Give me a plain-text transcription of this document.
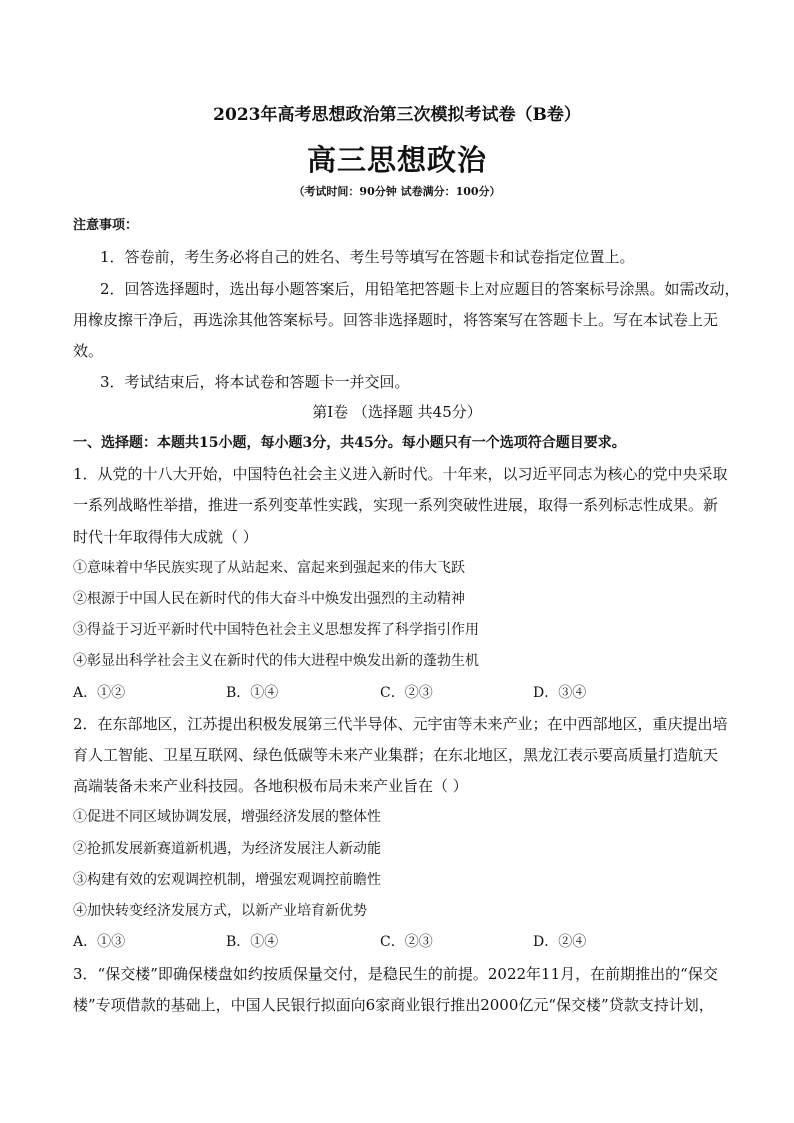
2023年高考思想政治第三次模拟考试卷（B卷）
高三思想政治
（考试时间：90分钟 试卷满分：100分）
注意事项：
1．答卷前，考生务必将自己的姓名、考生号等填写在答题卡和试卷指定位置上。
2．回答选择题时，选出每小题答案后，用铅笔把答题卡上对应题目的答案标号涂黑。如需改动，
用橡皮擦干净后，再选涂其他答案标号。回答非选择题时，将答案写在答题卡上。写在本试卷上无
效。
3．考试结束后，将本试卷和答题卡一并交回。
第Ⅰ卷 （选择题 共45分）
一、选择题：本题共15小题，每小题3分，共45分。每小题只有一个选项符合题目要求。
1．从党的十八大开始，中国特色社会主义进入新时代。十年来，以习近平同志为核心的党中央采取
一系列战略性举措，推进一系列变革性实践，实现一系列突破性进展，取得一系列标志性成果。新
时代十年取得伟大成就（ ）
①意味着中华民族实现了从站起来、富起来到强起来的伟大飞跃
②根源于中国人民在新时代的伟大奋斗中焕发出强烈的主动精神
③得益于习近平新时代中国特色社会主义思想发挥了科学指引作用
④彰显出科学社会主义在新时代的伟大进程中焕发出新的蓬勃生机
A．①②	B．①④	C．②③	D．③④
2．在东部地区，江苏提出积极发展第三代半导体、元宇宙等未来产业；在中西部地区，重庆提出培
育人工智能、卫星互联网、绿色低碳等未来产业集群；在东北地区，黑龙江表示要高质量打造航天
高端装备未来产业科技园。各地积极布局未来产业旨在（ ）
①促进不同区域协调发展，增强经济发展的整体性
②抢抓发展新赛道新机遇，为经济发展注人新动能
③构建有效的宏观调控机制，增强宏观调控前瞻性
④加快转变经济发展方式，以新产业培育新优势
A．①③	B．①④	C．②③	D．②④
3．“保交楼”即确保楼盘如约按质保量交付，是稳民生的前提。2022年11月，在前期推出的“保交
楼”专项借款的基础上，中国人民银行拟面向6家商业银行推出2000亿元“保交楼”贷款支持计划，
